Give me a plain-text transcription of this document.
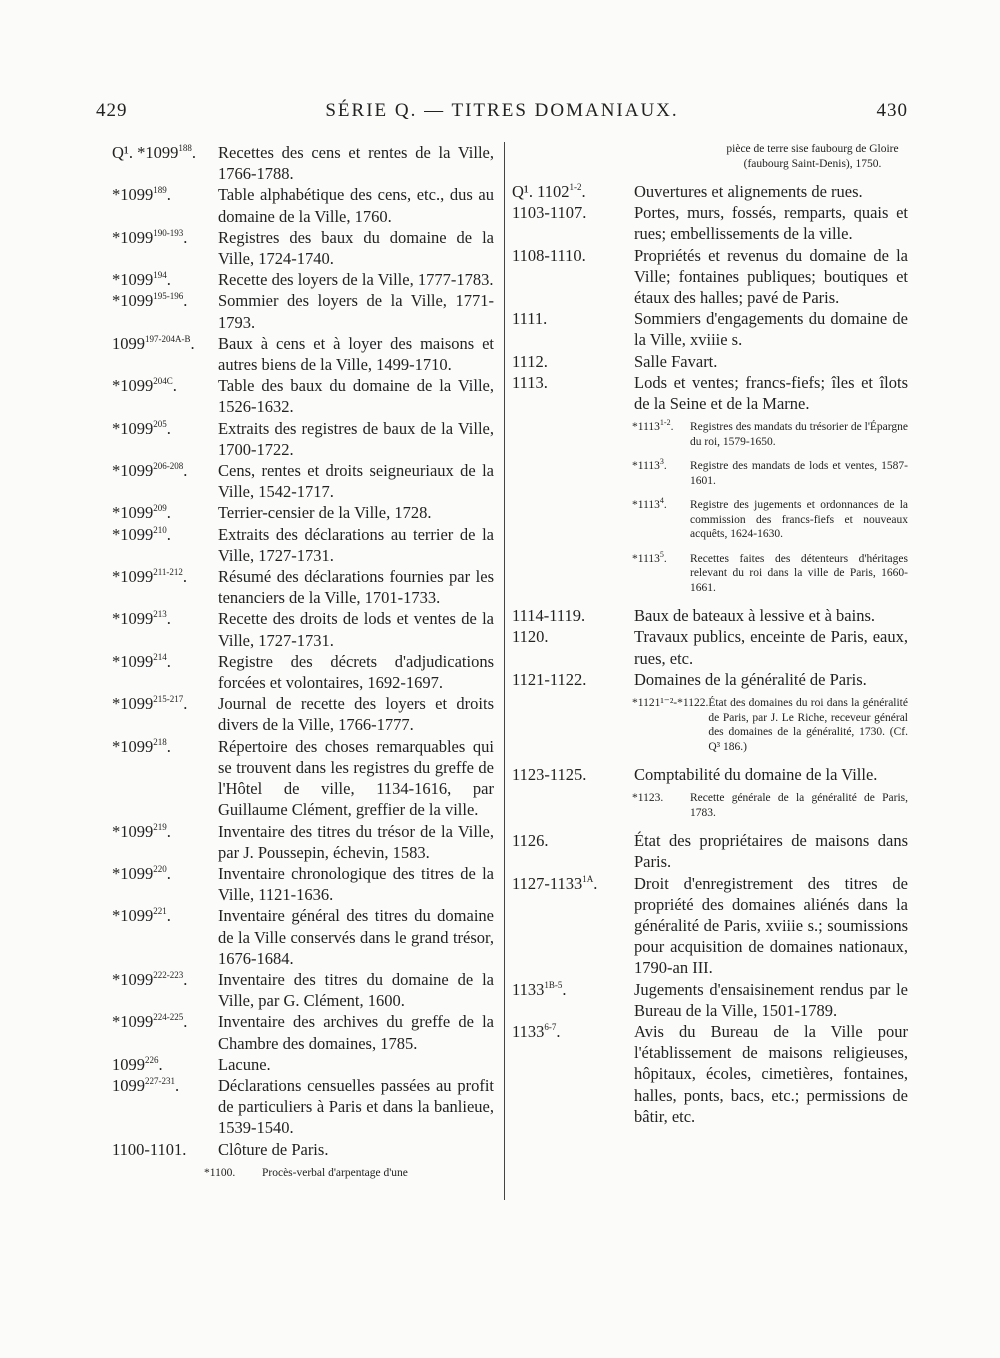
429	SÉRIE Q. — TITRES DOMANIAUX.	430
Q¹. *1099$^{188}$.	Recettes des cens et rentes de la Ville, 1766-1788.
*1099$^{189}$.	Table alphabétique des cens, etc., dus au domaine de la Ville, 1760.
*1099$^{190-193}$.	Registres des baux du domaine de la Ville, 1724-1740.
*1099$^{194}$.	Recette des loyers de la Ville, 1777-1783.
*1099$^{195-196}$.	Sommier des loyers de la Ville, 1771-1793.
$1099^{197-204A-B}$.	Baux à cens et à loyer des maisons et autres biens de la Ville, 1499-1710.
$*1099^{204C}$.	Table des baux du domaine de la Ville, 1526-1632.
*1099$^{205}$.	Extraits des registres de baux de la Ville, 1700-1722.
*1099$^{206-208}$.	Cens, rentes et droits seigneuriaux de la Ville, 1542-1717.
*1099$^{209}$.	Terrier-censier de la Ville, 1728.
*1099$^{210}$.	Extraits des déclarations au terrier de la Ville, 1727-1731.
*1099$^{211-212}$.	Résumé des déclarations fournies par les tenanciers de la Ville, 1701-1733.
*1099$^{213}$.	Recette des droits de lods et ventes de la Ville, 1727-1731.
*1099$^{214}$.	Registre des décrets d'adjudications forcées et volontaires, 1692-1697.
*1099$^{215-217}$.	Journal de recette des loyers et droits divers de la Ville, 1766-1777.
*1099$^{218}$.	Répertoire des choses remarquables qui se trouvent dans les registres du greffe de l'Hôtel de ville, 1134-1616, par Guillaume Clément, greffier de la ville.
*1099$^{219}$.	Inventaire des titres du trésor de la Ville, par J. Poussepin, échevin, 1583.
*1099$^{220}$.	Inventaire chronologique des titres de la Ville, 1121-1636.
*1099$^{221}$.	Inventaire général des titres du domaine de la Ville conservés dans le grand trésor, 1676-1684.
*1099$^{222-223}$.	Inventaire des titres du domaine de la Ville, par G. Clément, 1600.
*1099$^{224-225}$.	Inventaire des archives du greffe de la Chambre des domaines, 1785.
1099$^{226}$.	Lacune.
1099$^{227-231}$.	Déclarations censuelles passées au profit de particuliers à Paris et dans la banlieue, 1539-1540.
1100-1101.	Clôture de Paris.
*1100.	Procès-verbal d'arpentage d'une
pièce de terre sise faubourg de Gloire (faubourg Saint-Denis), 1750.
Q¹. 1102$^{1-2}$.	Ouvertures et alignements de rues.
1103-1107.	Portes, murs, fossés, remparts, quais et rues; embellissements de la ville.
1108-1110.	Propriétés et revenus du domaine de la Ville; fontaines publiques; boutiques et étaux des halles; pavé de Paris.
1111.	Sommiers d'engagements du domaine de la Ville, xviiie s.
1112.	Salle Favart.
1113.	Lods et ventes; francs-fiefs; îles et îlots de la Seine et de la Marne.
*1113$^{1-2}$.	Registres des mandats du trésorier de l'Épargne du roi, 1579-1650.
*1113$^3$.	Registre des mandats de lods et ventes, 1587-1601.
*1113$^4$.	Registre des jugements et ordonnances de la commission des francs-fiefs et nouveaux acquêts, 1624-1630.
*1113$^5$.	Recettes faites des détenteurs d'héritages relevant du roi dans la ville de Paris, 1660-1661.
1114-1119.	Baux de bateaux à lessive et à bains.
1120.	Travaux publics, enceinte de Paris, eaux, rues, etc.
1121-1122.	Domaines de la généralité de Paris.
*1121¹⁻²-*1122. État des domaines du roi dans la généralité de Paris, par J. Le Riche, receveur général des domaines de la généralité, 1730. (Cf. Q³ 186.)
1123-1125.	Comptabilité du domaine de la Ville.
*1123.	Recette générale de la généralité de Paris, 1783.
1126.	État des propriétaires de maisons dans Paris.
$1127-1133^{1A}$.	Droit d'enregistrement des titres de propriété des domaines aliénés dans la généralité de Paris, xviiie s.; soumissions pour acquisition de domaines nationaux, 1790-an III.
$1133^{1B-5}$.	Jugements d'ensaisinement rendus par le Bureau de la Ville, 1501-1789.
1133$^{6-7}$.	Avis du Bureau de la Ville pour l'établissement de maisons religieuses, hôpitaux, écoles, cimetières, fontaines, halles, ponts, bacs, etc.; permissions de bâtir, etc.
